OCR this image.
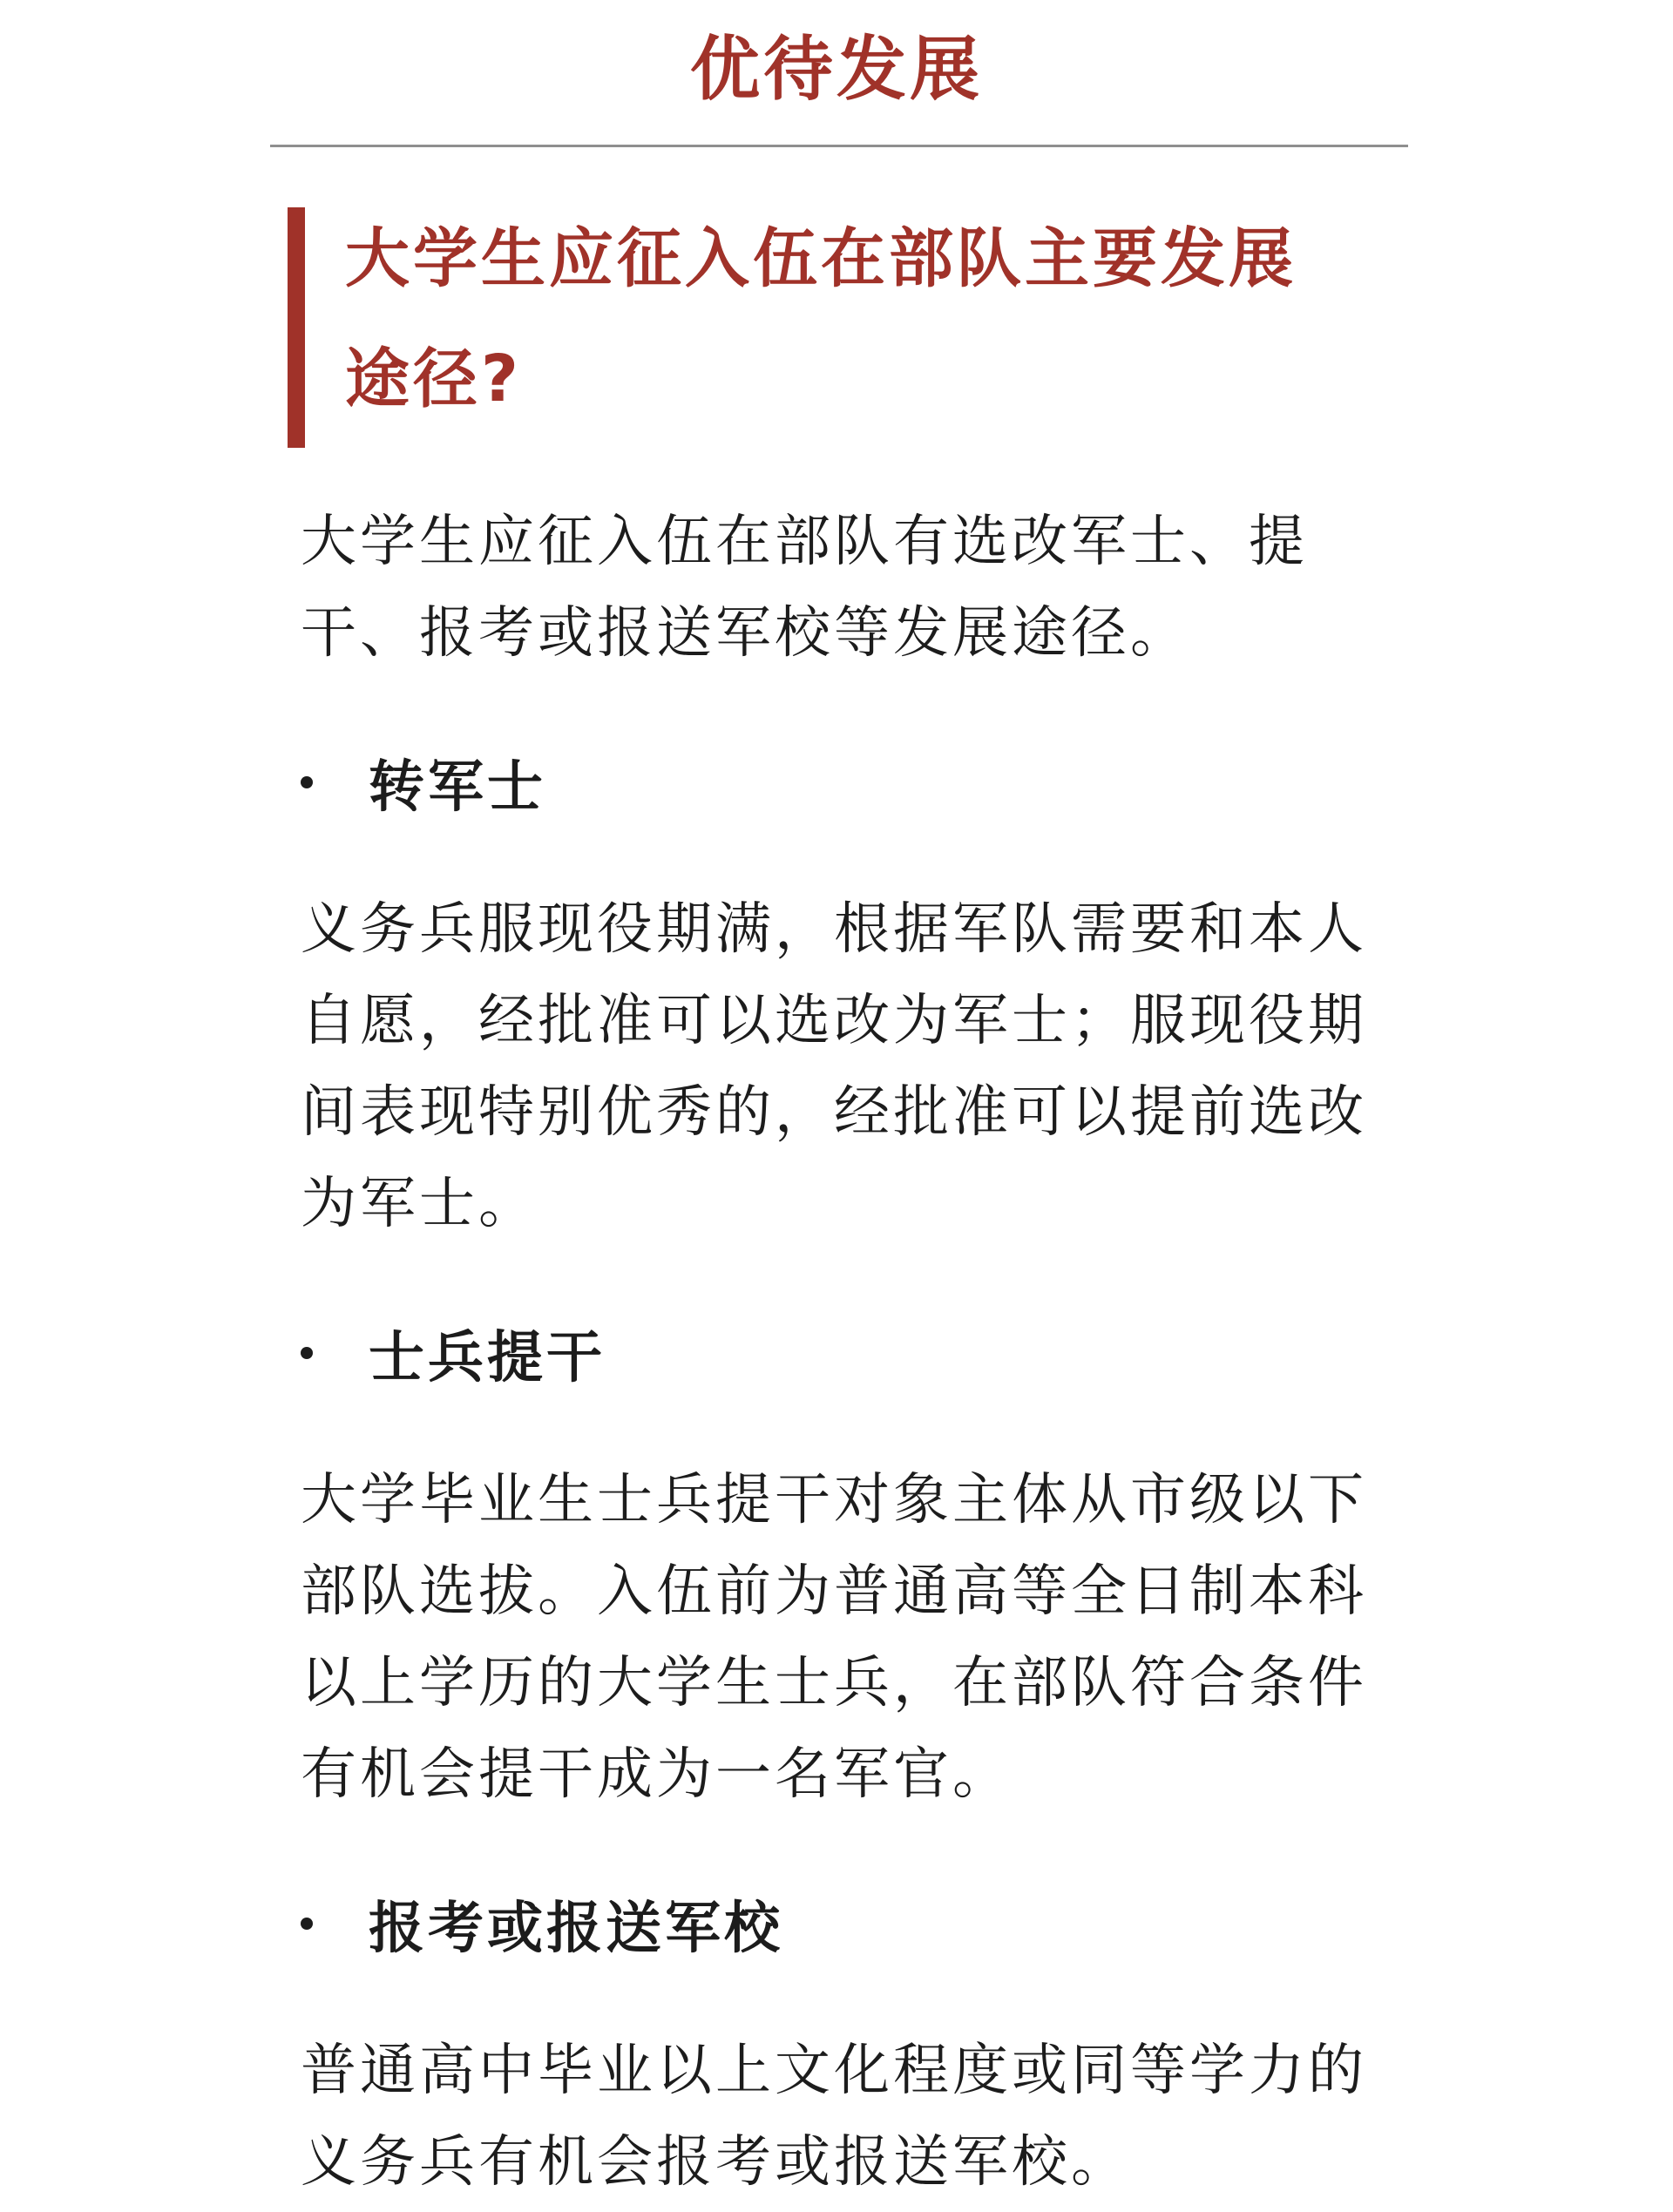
优待发展
大学生应征入伍在部队主要发展途径?

大学生应征入伍在部队有选改军士、提干、报考或报送军校等发展途径。

转军士

义务兵服现役期满，根据军队需要和本人自愿，经批准可以选改为军士；服现役期间表现特别优秀的，经批准可以提前选改为军士。

士兵提干

大学毕业生士兵提干对象主体从市级以下部队选拔。入伍前为普通高等全日制本科以上学历的大学生士兵，在部队符合条件有机会提干成为一名军官。

报考或报送军校

普通高中毕业以上文化程度或同等学力的义务兵有机会报考或报送军校。
